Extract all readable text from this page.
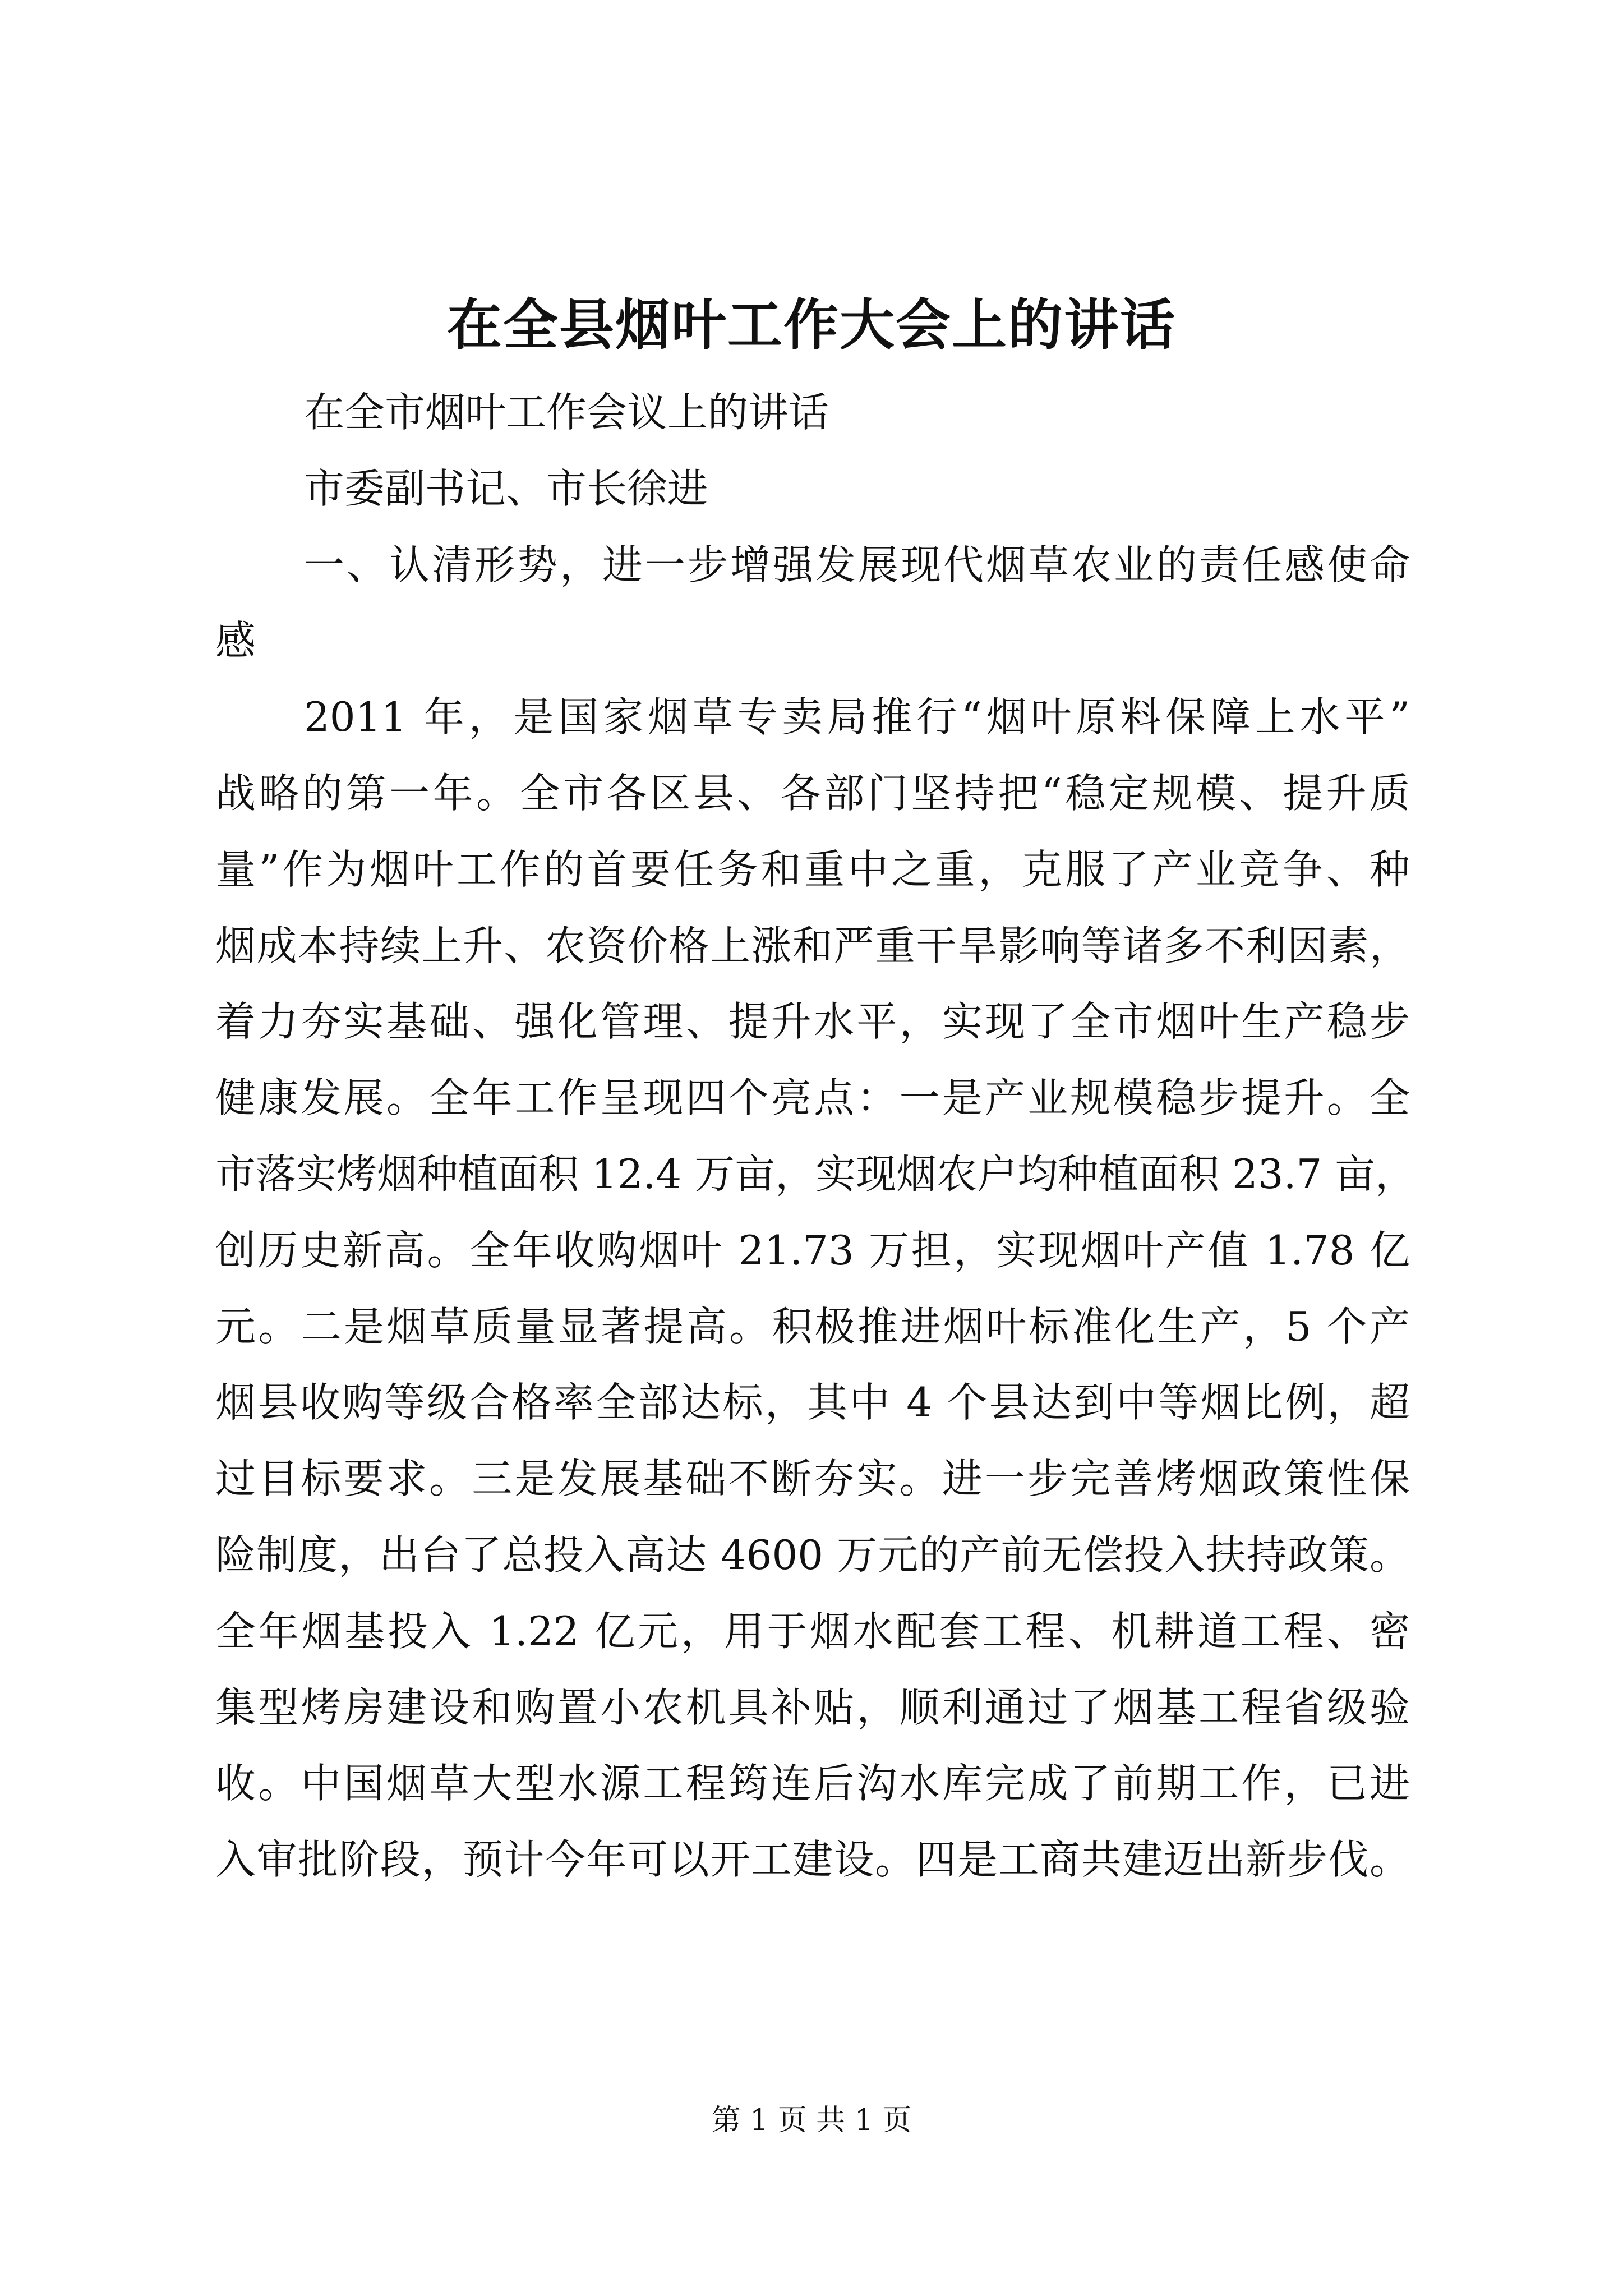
在全县烟叶工作大会上的讲话
在全市烟叶工作会议上的讲话
市委副书记、市长徐进
一、认清形势，进一步增强发展现代烟草农业的责任感使命
感
2011 年，是国家烟草专卖局推行“烟叶原料保障上水平”
战略的第一年。全市各区县、各部门坚持把“稳定规模、提升质
量”作为烟叶工作的首要任务和重中之重，克服了产业竞争、种
烟成本持续上升、农资价格上涨和严重干旱影响等诸多不利因素，
着力夯实基础、强化管理、提升水平，实现了全市烟叶生产稳步
健康发展。全年工作呈现四个亮点：一是产业规模稳步提升。全
市落实烤烟种植面积 12.4 万亩，实现烟农户均种植面积 23.7 亩，
创历史新高。全年收购烟叶 21.73 万担，实现烟叶产值 1.78 亿
元。二是烟草质量显著提高。积极推进烟叶标准化生产，5 个产
烟县收购等级合格率全部达标，其中 4 个县达到中等烟比例，超
过目标要求。三是发展基础不断夯实。进一步完善烤烟政策性保
险制度，出台了总投入高达 4600 万元的产前无偿投入扶持政策。
全年烟基投入 1.22 亿元，用于烟水配套工程、机耕道工程、密
集型烤房建设和购置小农机具补贴，顺利通过了烟基工程省级验
收。中国烟草大型水源工程筠连后沟水库完成了前期工作，已进
入审批阶段，预计今年可以开工建设。四是工商共建迈出新步伐。
第 1 页 共 1 页
